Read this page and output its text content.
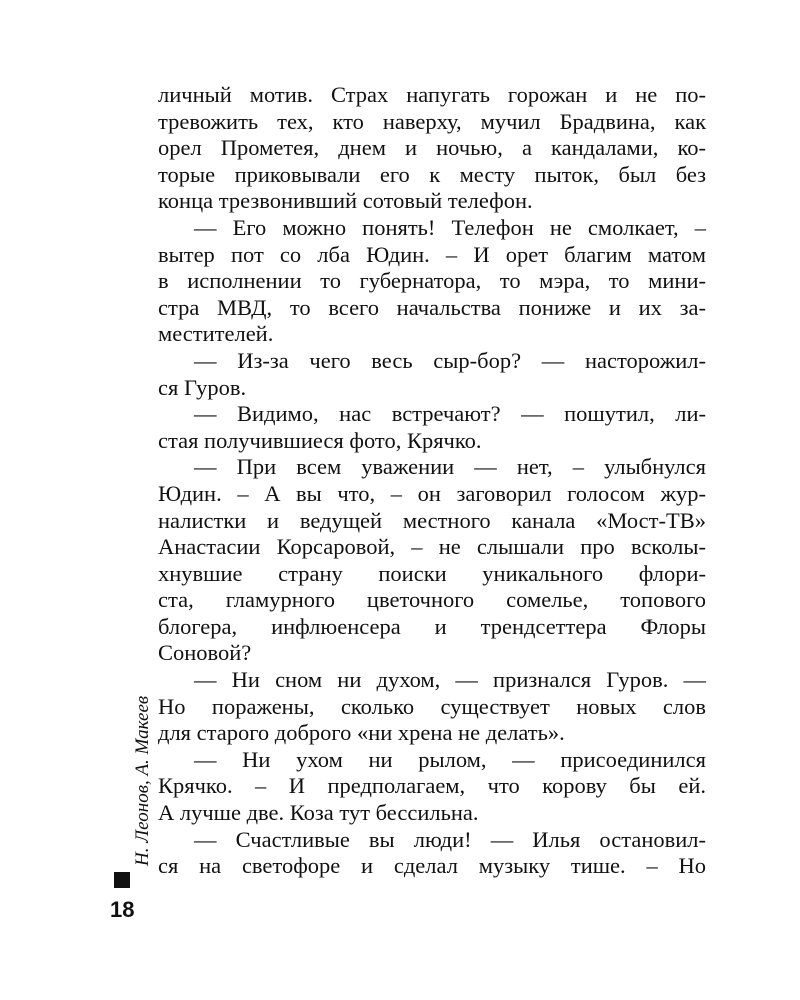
личный мотив. Страх напугать горожан и не по-
тревожить тех, кто наверху, мучил Брадвина, как
орел Прометея, днем и ночью, а кандалами, ко-
торые приковывали его к месту пыток, был без
конца трезвонивший сотовый телефон.
— Его можно понять! Телефон не смолкает, –
вытер пот со лба Юдин. – И орет благим матом
в исполнении то губернатора, то мэра, то мини-
стра МВД, то всего начальства пониже и их за-
местителей.
— Из-за чего весь сыр-бор? — насторожил-
ся Гуров.
— Видимо, нас встречают? — пошутил, ли-
стая получившиеся фото, Крячко.
— При всем уважении — нет, – улыбнулся
Юдин. – А вы что, – он заговорил голосом жур-
налистки и ведущей местного канала «Мост-ТВ»
Анастасии Корсаровой, – не слышали про всколы-
хнувшие страну поиски уникального флори-
ста, гламурного цветочного сомелье, топового
блогера, инфлюенсера и трендсеттера Флоры
Соновой?
— Ни сном ни духом, — признался Гуров. —
Но поражены, сколько существует новых слов
для старого доброго «ни хрена не делать».
— Ни ухом ни рылом, — присоединился
Крячко. – И предполагаем, что корову бы ей.
А лучше две. Коза тут бессильна.
— Счастливые вы люди! — Илья остановил-
ся на светофоре и сделал музыку тише. – Но
Н. Леонов, А. Макеев
18
